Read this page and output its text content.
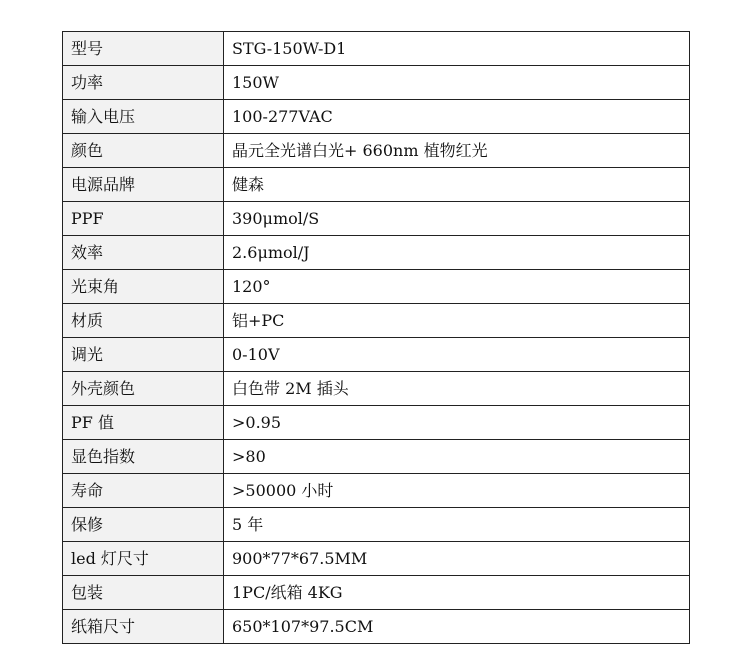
型号	STG-150W-D1
功率	150W
输入电压	100-277VAC
颜色	晶元全光谱白光+ 660nm 植物红光
电源品牌	健森
PPF	390μmol/S
效率	2.6μmol/J
光束角	120°
材质	铝+PC
调光	0-10V
外壳颜色	白色带 2M 插头
PF 值	>0.95
显色指数	>80
寿命	>50000 小时
保修	5 年
led 灯尺寸	900*77*67.5MM
包装	1PC/纸箱 4KG
纸箱尺寸	650*107*97.5CM
